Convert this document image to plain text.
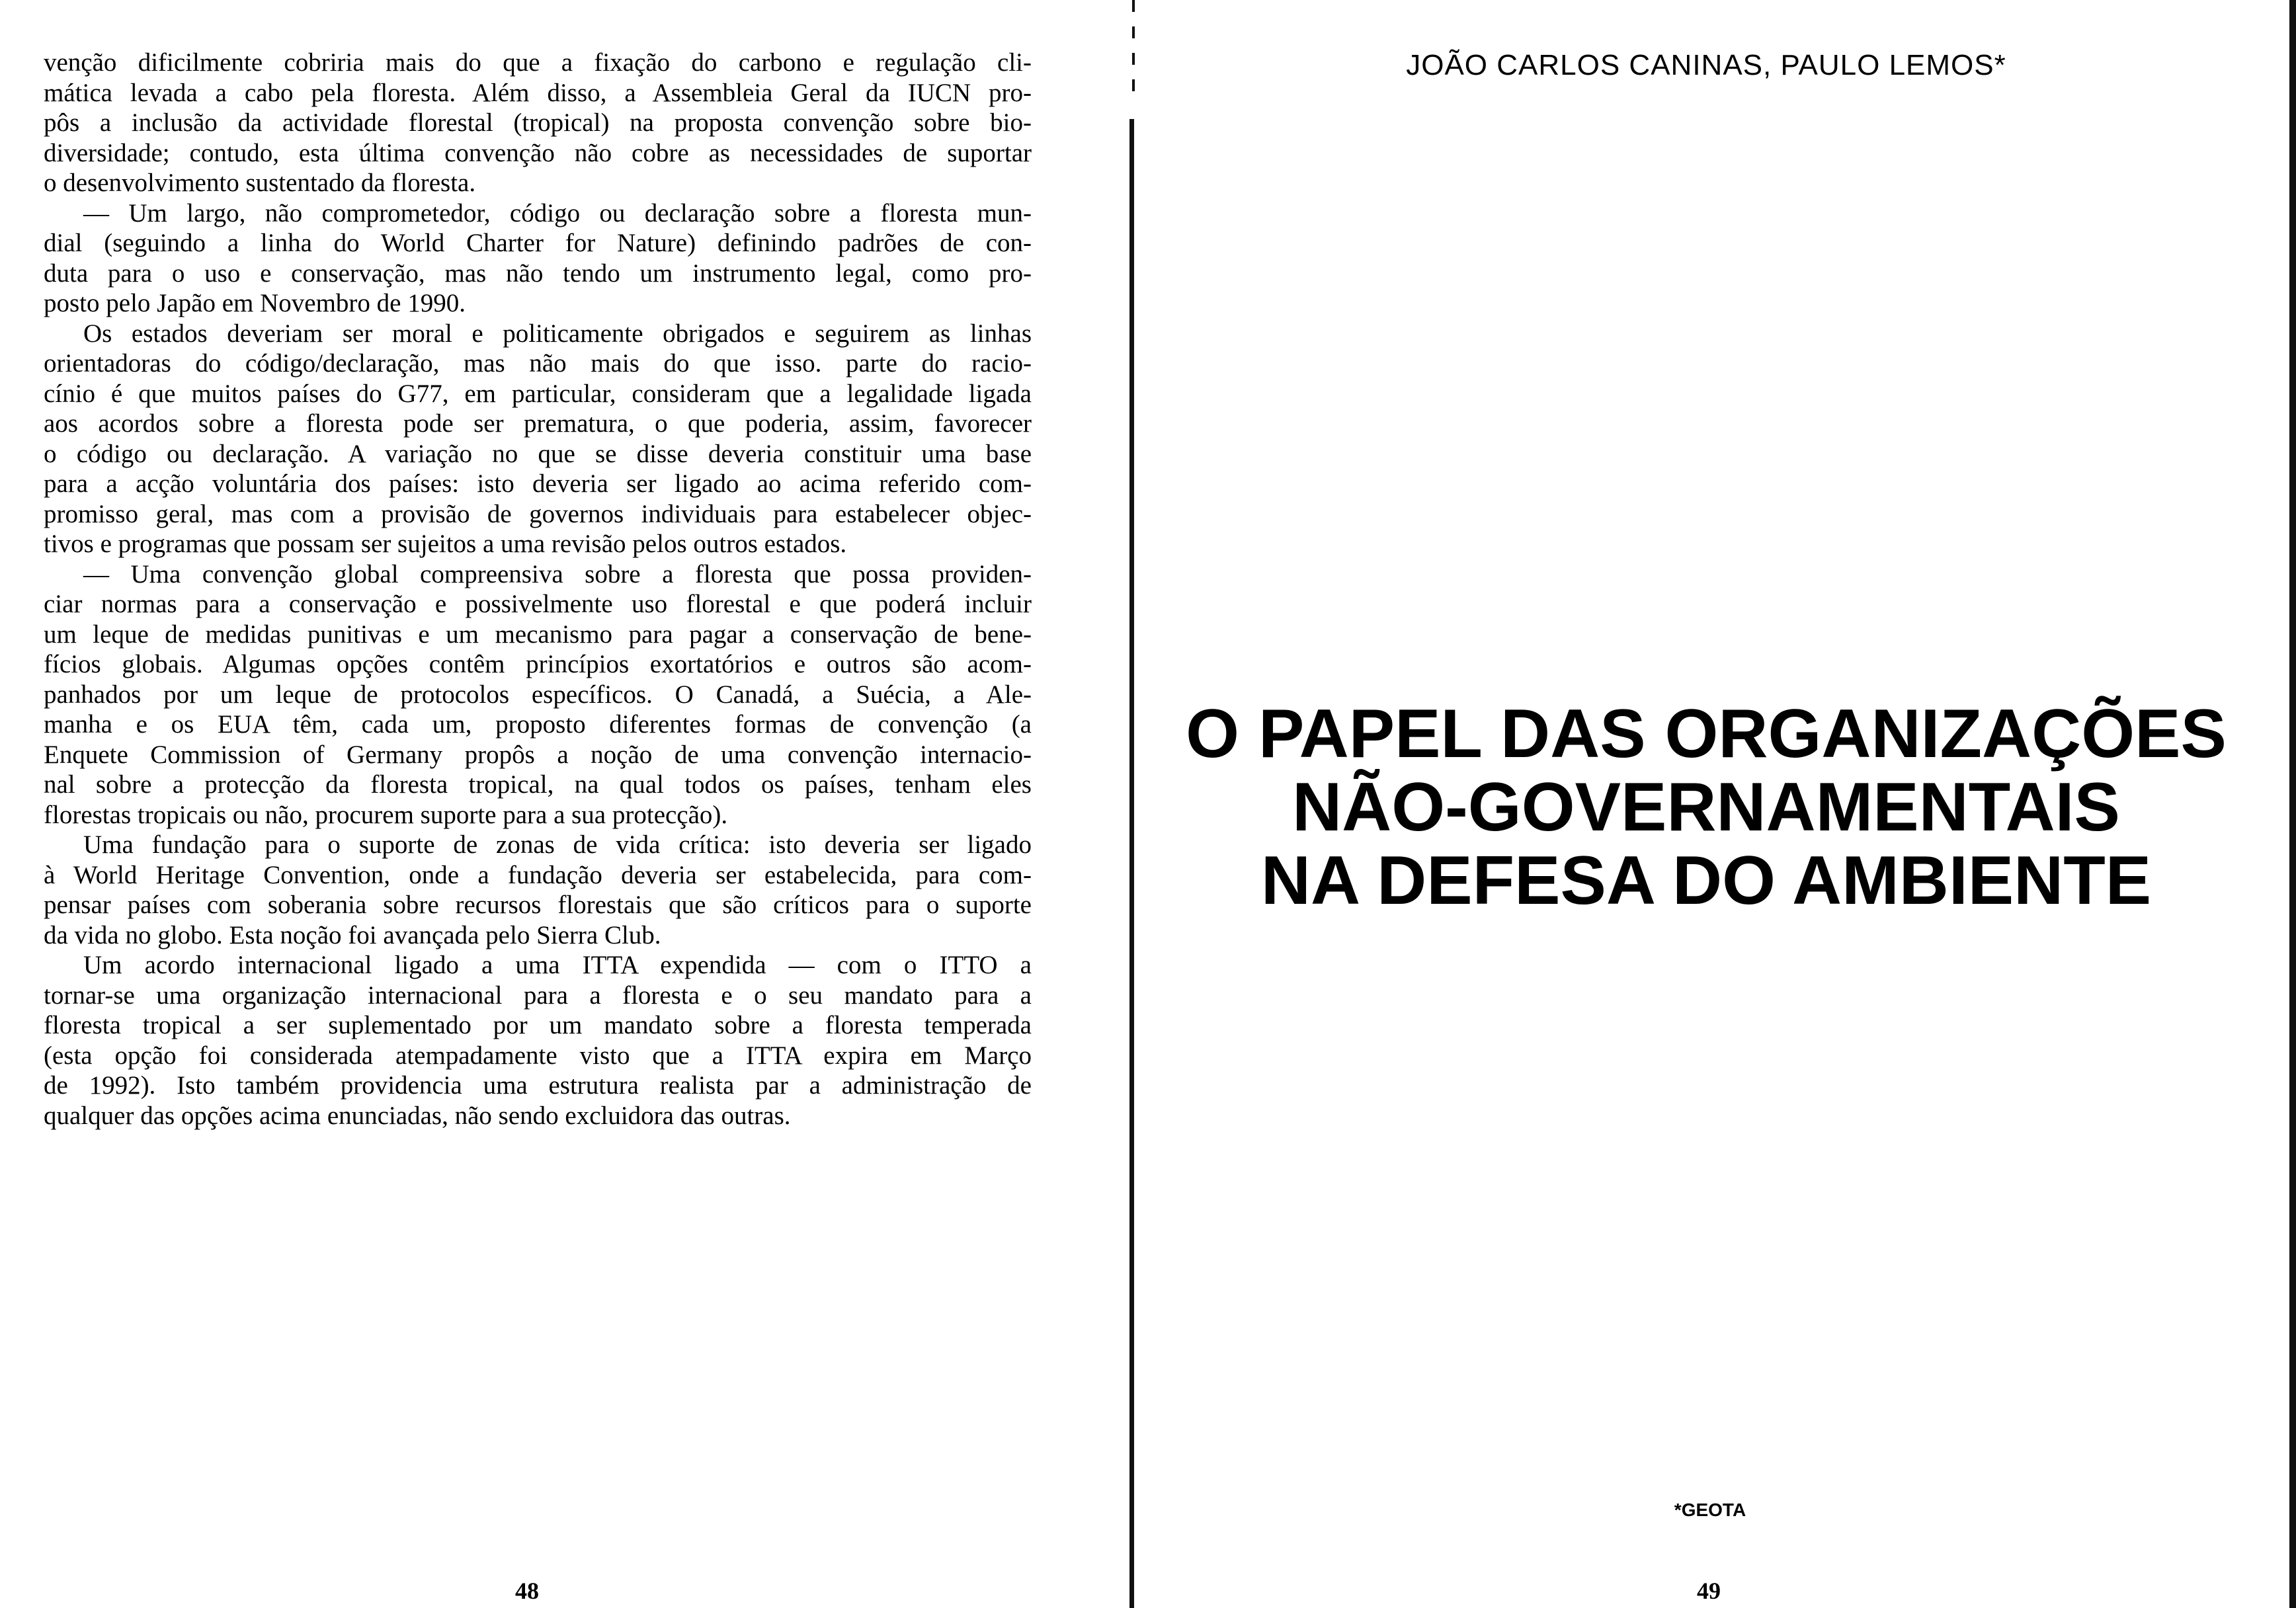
venção dificilmente cobriria mais do que a fixação do carbono e regulação cli-
mática levada a cabo pela floresta. Além disso, a Assembleia Geral da IUCN pro-
pôs a inclusão da actividade florestal (tropical) na proposta convenção sobre bio-
diversidade; contudo, esta última convenção não cobre as necessidades de suportar
o desenvolvimento sustentado da floresta.
— Um largo, não comprometedor, código ou declaração sobre a floresta mun-
dial (seguindo a linha do World Charter for Nature) definindo padrões de con-
duta para o uso e conservação, mas não tendo um instrumento legal, como pro-
posto pelo Japão em Novembro de 1990.
Os estados deveriam ser moral e politicamente obrigados e seguirem as linhas
orientadoras do código/declaração, mas não mais do que isso. parte do racio-
cínio é que muitos países do G77, em particular, consideram que a legalidade ligada
aos acordos sobre a floresta pode ser prematura, o que poderia, assim, favorecer
o código ou declaração. A variação no que se disse deveria constituir uma base
para a acção voluntária dos países: isto deveria ser ligado ao acima referido com-
promisso geral, mas com a provisão de governos individuais para estabelecer objec-
tivos e programas que possam ser sujeitos a uma revisão pelos outros estados.
— Uma convenção global compreensiva sobre a floresta que possa providen-
ciar normas para a conservação e possivelmente uso florestal e que poderá incluir
um leque de medidas punitivas e um mecanismo para pagar a conservação de bene-
fícios globais. Algumas opções contêm princípios exortatórios e outros são acom-
panhados por um leque de protocolos específicos. O Canadá, a Suécia, a Ale-
manha e os EUA têm, cada um, proposto diferentes formas de convenção (a
Enquete Commission of Germany propôs a noção de uma convenção internacio-
nal sobre a protecção da floresta tropical, na qual todos os países, tenham eles
florestas tropicais ou não, procurem suporte para a sua protecção).
Uma fundação para o suporte de zonas de vida crítica: isto deveria ser ligado
à World Heritage Convention, onde a fundação deveria ser estabelecida, para com-
pensar países com soberania sobre recursos florestais que são críticos para o suporte
da vida no globo. Esta noção foi avançada pelo Sierra Club.
Um acordo internacional ligado a uma ITTA expendida — com o ITTO a
tornar-se uma organização internacional para a floresta e o seu mandato para a
floresta tropical a ser suplementado por um mandato sobre a floresta temperada
(esta opção foi considerada atempadamente visto que a ITTA expira em Março
de 1992). Isto também providencia uma estrutura realista par a administração de
qualquer das opções acima enunciadas, não sendo excluidora das outras.
48
JOÃO CARLOS CANINAS, PAULO LEMOS*
O PAPEL DAS ORGANIZAÇÕES
NÃO-GOVERNAMENTAIS
NA DEFESA DO AMBIENTE
*GEOTA
49
